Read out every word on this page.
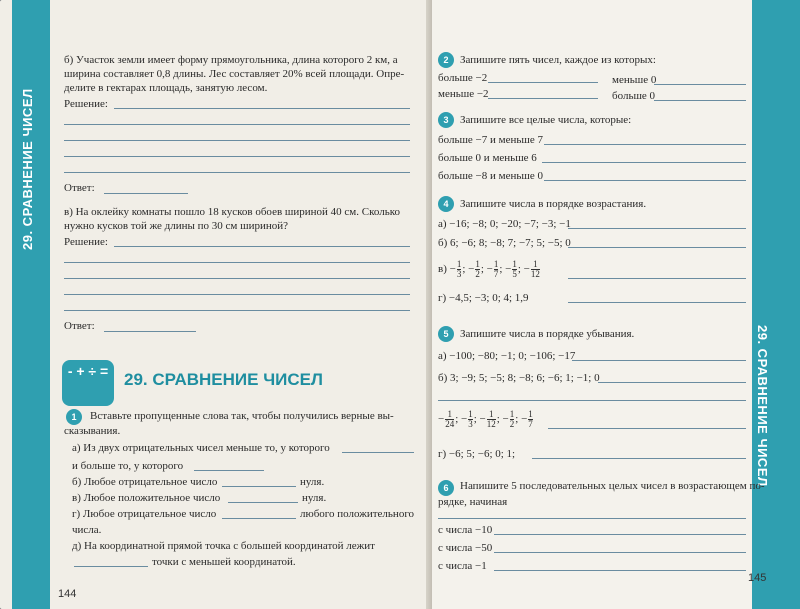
29. СРАВНЕНИЕ ЧИСЕЛ
б) Участок земли имеет форму прямоугольника, длина которого 2 км, а
ширина составляет 0,8 длины. Лес составляет 20% всей площади. Опре-
делите в гектарах площадь, занятую лесом.
Решение:
Ответ:
в) На оклейку комнаты пошло 18 кусков обоев шириной 40 см. Сколько
нужно кусков той же длины по 30 см шириной?
Решение:
Ответ:
- + ÷ = 29. СРАВНЕНИЕ ЧИСЕЛ
1	Вставьте пропущенные слова так, чтобы получились верные вы-
сказывания.
а) Из двух отрицательных чисел меньше то, у которого
и больше то, у которого
б) Любое отрицательное число	нуля.
в) Любое положительное число	нуля.
г) Любое отрицательное число	любого положительного
числа.
д) На координатной прямой точка с большей координатой лежит
точки с меньшей координатой.
144
29. СРАВНЕНИЕ ЧИСЕЛ
2	Запишите пять чисел, каждое из которых:
больше −2	меньше 0
меньше −2	больше 0
3	Запишите все целые числа, которые:
больше −7 и меньше 7
больше 0 и меньше 6
больше −8 и меньше 0
4	Запишите числа в порядке возрастания.
а) −16; −8; 0; −20; −7; −3; −1
б) 6; −6; 8; −8; 7; −7; 5; −5; 0
$в) - \frac{1}{3}$ ; − $\frac{1}{2}$ ; − $\frac{1}{7}$ ; − $\frac{1}{5}$ ; − $\frac{1}{12}$
г) −4,5; −3; 0; 4; 1,9
5	Запишите числа в порядке убывания.
а) −100; −80; −1; 0; −106; −17
б) 3; −9; 5; −5; 8; −8; 6; −6; 1; −1; 0
− $\frac{1}{24}$ ; − $\frac{1}{3}$ ; − $\frac{1}{12}$ ; − $\frac{1}{2}$ ; − $\frac{1}{7}$
г) −6; 5; −6; 0; 1;
6	Напишите 5 последовательных целых чисел в возрастающем по-
рядке, начиная
с числа −10
с числа −50
с числа −1
145
